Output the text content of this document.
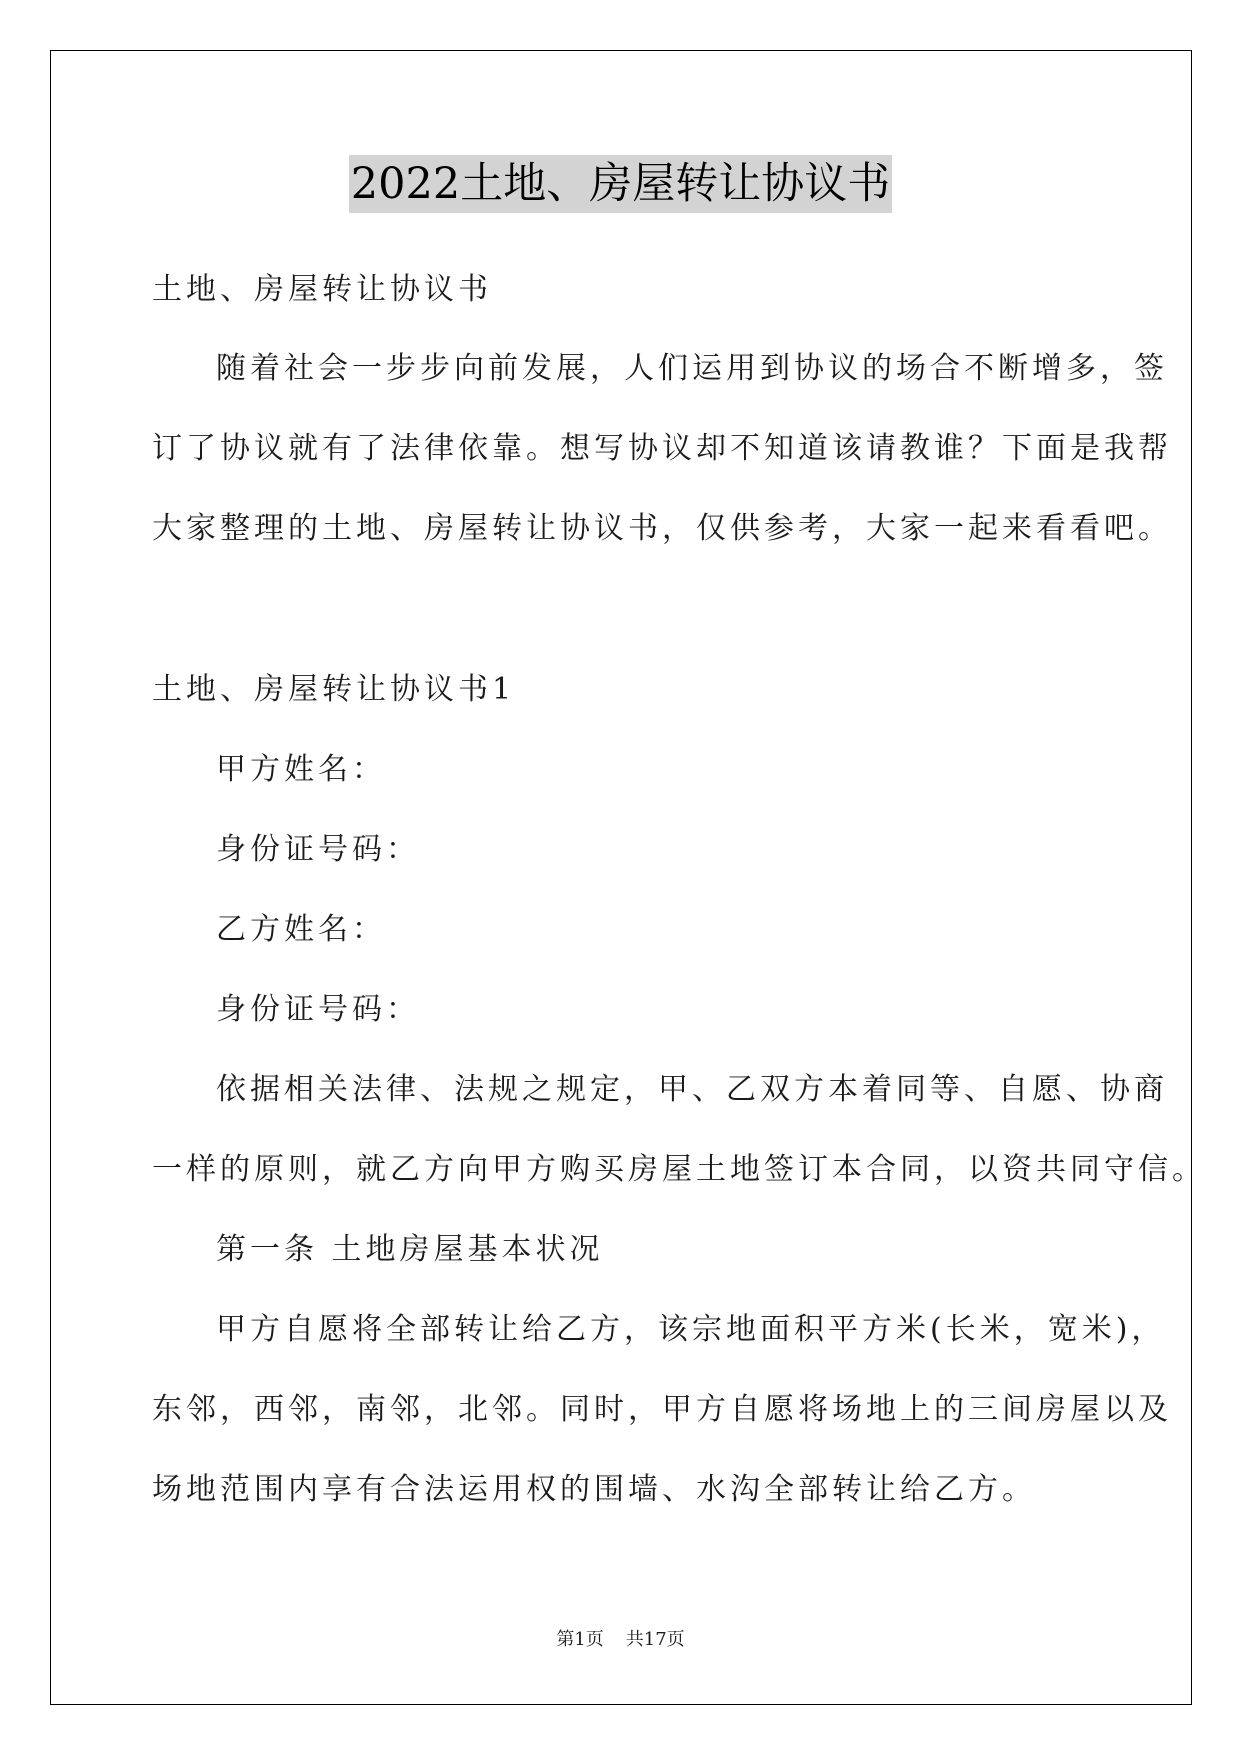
2022土地、房屋转让协议书
土地、房屋转让协议书
随着社会一步步向前发展，人们运用到协议的场合不断增多，签
订了协议就有了法律依靠。想写协议却不知道该请教谁？下面是我帮
大家整理的土地、房屋转让协议书，仅供参考，大家一起来看看吧。
土地、房屋转让协议书1
甲方姓名：
身份证号码：
乙方姓名：
身份证号码：
依据相关法律、法规之规定，甲、乙双方本着同等、自愿、协商
一样的原则，就乙方向甲方购买房屋土地签订本合同，以资共同守信。
第一条 土地房屋基本状况
甲方自愿将全部转让给乙方，该宗地面积平方米(长米，宽米)，
东邻，西邻，南邻，北邻。同时，甲方自愿将场地上的三间房屋以及
场地范围内享有合法运用权的围墙、水沟全部转让给乙方。
第1页 共17页
